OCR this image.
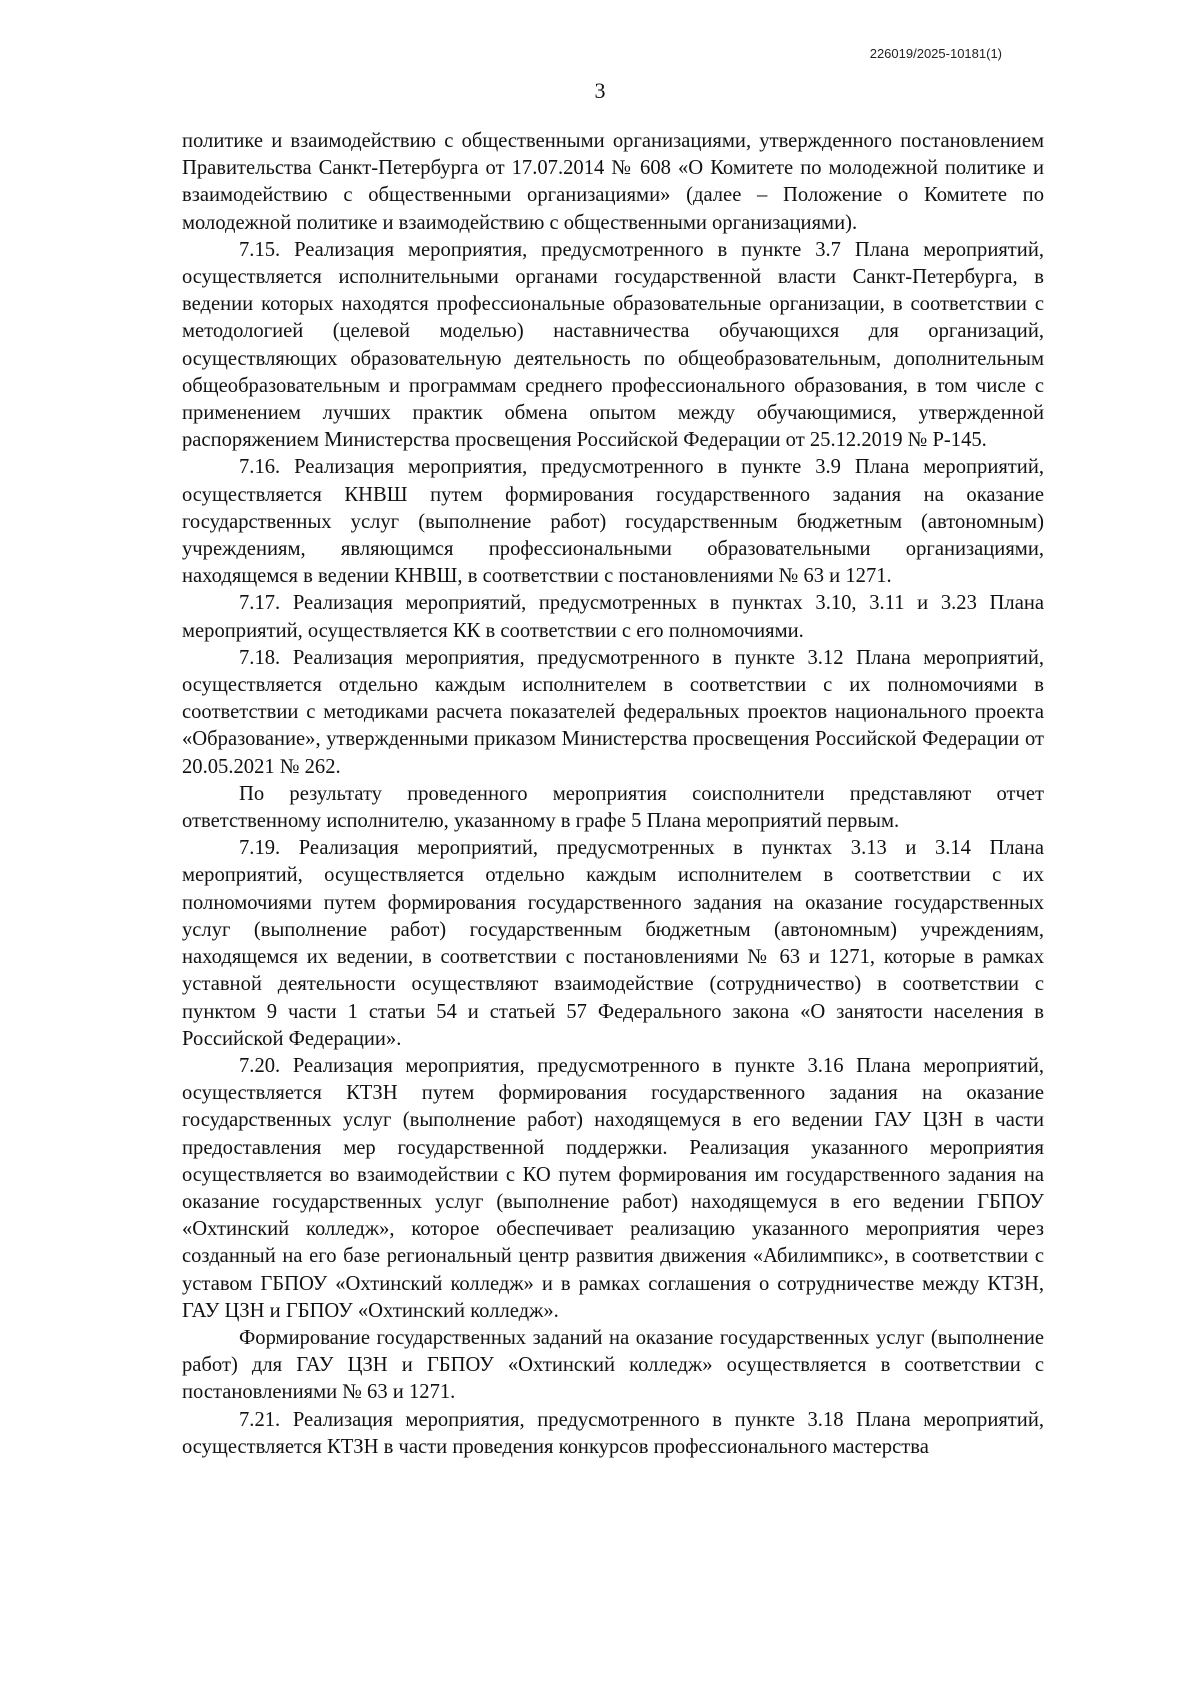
226019/2025-10181(1)
3

политике и взаимодействию с общественными организациями, утвержденного постановлением Правительства Санкт-Петербурга от 17.07.2014 № 608 «О Комитете по молодежной политике и взаимодействию с общественными организациями» (далее – Положение о Комитете по молодежной политике и взаимодействию с общественными организациями).

7.15. Реализация мероприятия, предусмотренного в пункте 3.7 Плана мероприятий, осуществляется исполнительными органами государственной власти Санкт-Петербурга, в ведении которых находятся профессиональные образовательные организации, в соответствии с методологией (целевой моделью) наставничества обучающихся для организаций, осуществляющих образовательную деятельность по общеобразовательным, дополнительным общеобразовательным и программам среднего профессионального образования, в том числе с применением лучших практик обмена опытом между обучающимися, утвержденной распоряжением Министерства просвещения Российской Федерации от 25.12.2019 № Р-145.

7.16. Реализация мероприятия, предусмотренного в пункте 3.9 Плана мероприятий, осуществляется КНВШ путем формирования государственного задания на оказание государственных услуг (выполнение работ) государственным бюджетным (автономным) учреждениям, являющимся профессиональными образовательными организациями, находящемся в ведении КНВШ, в соответствии с постановлениями № 63 и 1271.

7.17. Реализация мероприятий, предусмотренных в пунктах 3.10, 3.11 и 3.23 Плана мероприятий, осуществляется КК в соответствии с его полномочиями.

7.18. Реализация мероприятия, предусмотренного в пункте 3.12 Плана мероприятий, осуществляется отдельно каждым исполнителем в соответствии с их полномочиями в соответствии с методиками расчета показателей федеральных проектов национального проекта «Образование», утвержденными приказом Министерства просвещения Российской Федерации от 20.05.2021 № 262.

По результату проведенного мероприятия соисполнители представляют отчет ответственному исполнителю, указанному в графе 5 Плана мероприятий первым.

7.19. Реализация мероприятий, предусмотренных в пунктах 3.13 и 3.14 Плана мероприятий, осуществляется отдельно каждым исполнителем в соответствии с их полномочиями путем формирования государственного задания на оказание государственных услуг (выполнение работ) государственным бюджетным (автономным) учреждениям, находящемся их ведении, в соответствии с постановлениями № 63 и 1271, которые в рамках уставной деятельности осуществляют взаимодействие (сотрудничество) в соответствии с пунктом 9 части 1 статьи 54 и статьей 57 Федерального закона «О занятости населения в Российской Федерации».

7.20. Реализация мероприятия, предусмотренного в пункте 3.16 Плана мероприятий, осуществляется КТЗН путем формирования государственного задания на оказание государственных услуг (выполнение работ) находящемуся в его ведении ГАУ ЦЗН в части предоставления мер государственной поддержки. Реализация указанного мероприятия осуществляется во взаимодействии с КО путем формирования им государственного задания на оказание государственных услуг (выполнение работ) находящемуся в его ведении ГБПОУ «Охтинский колледж», которое обеспечивает реализацию указанного мероприятия через созданный на его базе региональный центр развития движения «Абилимпикс», в соответствии с уставом ГБПОУ «Охтинский колледж» и в рамках соглашения о сотрудничестве между КТЗН, ГАУ ЦЗН и ГБПОУ «Охтинский колледж».

Формирование государственных заданий на оказание государственных услуг (выполнение работ) для ГАУ ЦЗН и ГБПОУ «Охтинский колледж» осуществляется в соответствии с постановлениями № 63 и 1271.

7.21. Реализация мероприятия, предусмотренного в пункте 3.18 Плана мероприятий, осуществляется КТЗН в части проведения конкурсов профессионального мастерства
